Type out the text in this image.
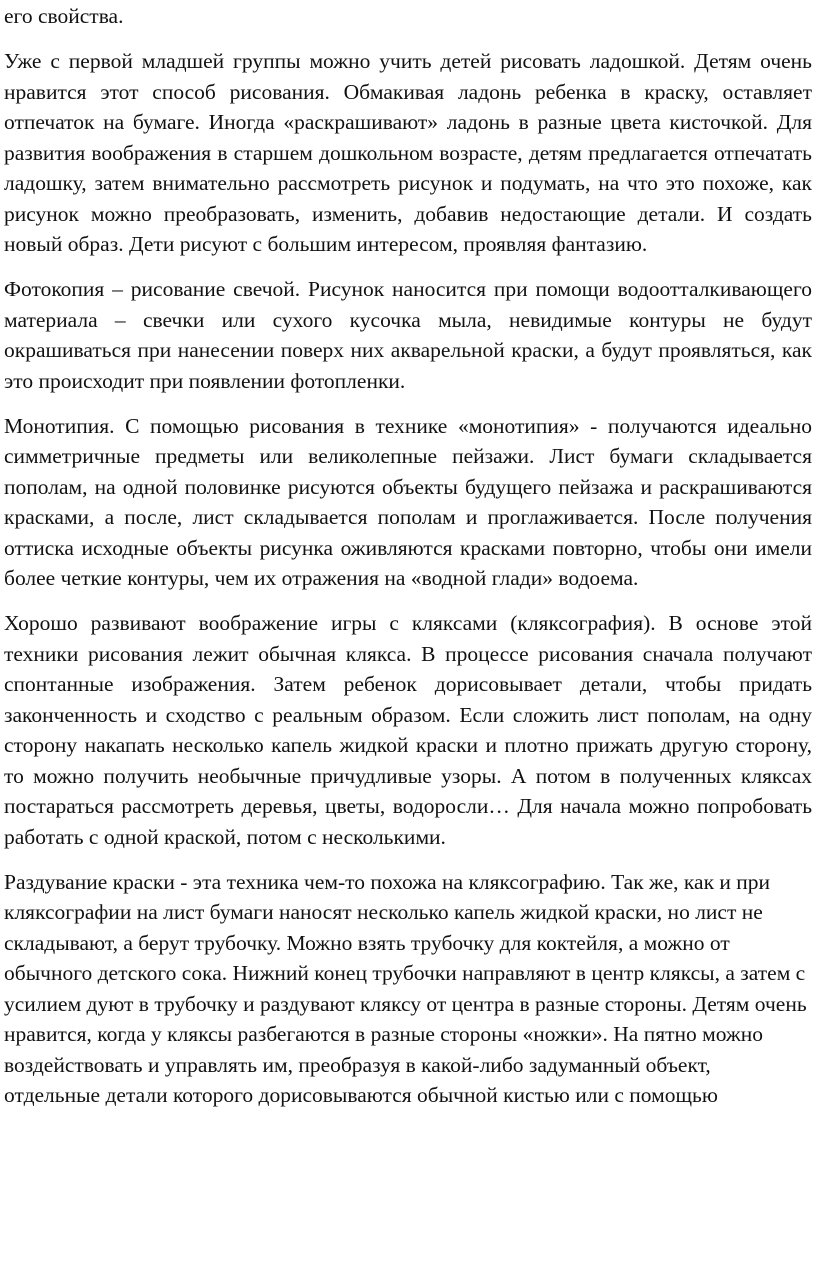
его свойства.

Уже с первой младшей группы можно учить детей рисовать ладошкой. Детям очень нравится этот способ рисования. Обмакивая ладонь ребенка в краску, оставляет отпечаток на бумаге. Иногда «раскрашивают» ладонь в разные цвета кисточкой. Для развития воображения в старшем дошкольном возрасте, детям предлагается отпечатать ладошку, затем внимательно рассмотреть рисунок и подумать, на что это похоже, как рисунок можно преобразовать, изменить, добавив недостающие детали. И создать новый образ. Дети рисуют с большим интересом, проявляя фантазию.

Фотокопия – рисование свечой. Рисунок наносится при помощи водоотталкивающего материала – свечки или сухого кусочка мыла, невидимые контуры не будут окрашиваться при нанесении поверх них акварельной краски, а будут проявляться, как это происходит при появлении фотопленки.

Монотипия. С помощью рисования в технике «монотипия» - получаются идеально симметричные предметы или великолепные пейзажи. Лист бумаги складывается пополам, на одной половинке рисуются объекты будущего пейзажа и раскрашиваются красками, а после, лист складывается пополам и проглаживается. После получения оттиска исходные объекты рисунка оживляются красками повторно, чтобы они имели более четкие контуры, чем их отражения на «водной глади» водоема.

Хорошо развивают воображение игры с кляксами (кляксография). В основе этой техники рисования лежит обычная клякса. В процессе рисования сначала получают спонтанные изображения. Затем ребенок дорисовывает детали, чтобы придать законченность и сходство с реальным образом. Если сложить лист пополам, на одну сторону накапать несколько капель жидкой краски и плотно прижать другую сторону, то можно получить необычные причудливые узоры. А потом в полученных кляксах постараться рассмотреть деревья, цветы, водоросли… Для начала можно попробовать работать с одной краской, потом с несколькими.

Раздувание краски - эта техника чем-то похожа на кляксографию. Так же, как и при кляксографии на лист бумаги наносят несколько капель жидкой краски, но лист не складывают, а берут трубочку. Можно взять трубочку для коктейля, а можно от обычного детского сока. Нижний конец трубочки направляют в центр кляксы, а затем с усилием дуют в трубочку и раздувают кляксу от центра в разные стороны. Детям очень нравится, когда у кляксы разбегаются в разные стороны «ножки». На пятно можно воздействовать и управлять им, преобразуя в какой-либо задуманный объект, отдельные детали которого дорисовываются обычной кистью или с помощью
